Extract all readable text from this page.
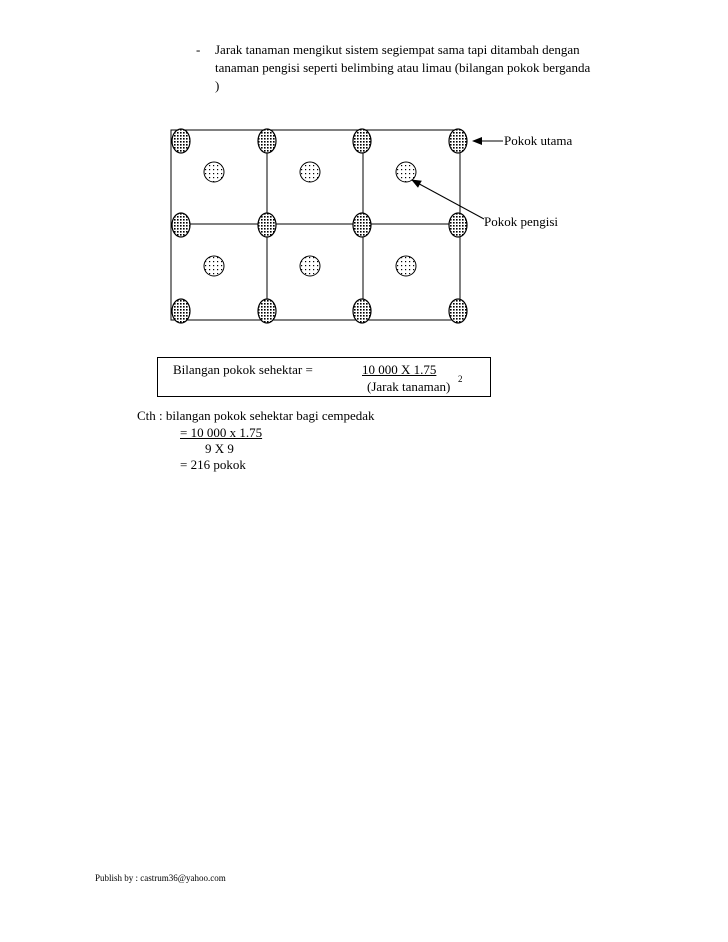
- Jarak tanaman mengikut sistem segiempat sama tapi ditambah dengan
tanaman pengisi seperti belimbing atau limau (bilangan pokok berganda
)
Pokok utama
Pokok pengisi
Bilangan pokok sehektar =	10 000 X 1.75
(Jarak tanaman) 2
Cth : bilangan pokok sehektar bagi cempedak
= 10 000 x 1.75
9 X 9
= 216 pokok
Publish by : castrum36@yahoo.com
